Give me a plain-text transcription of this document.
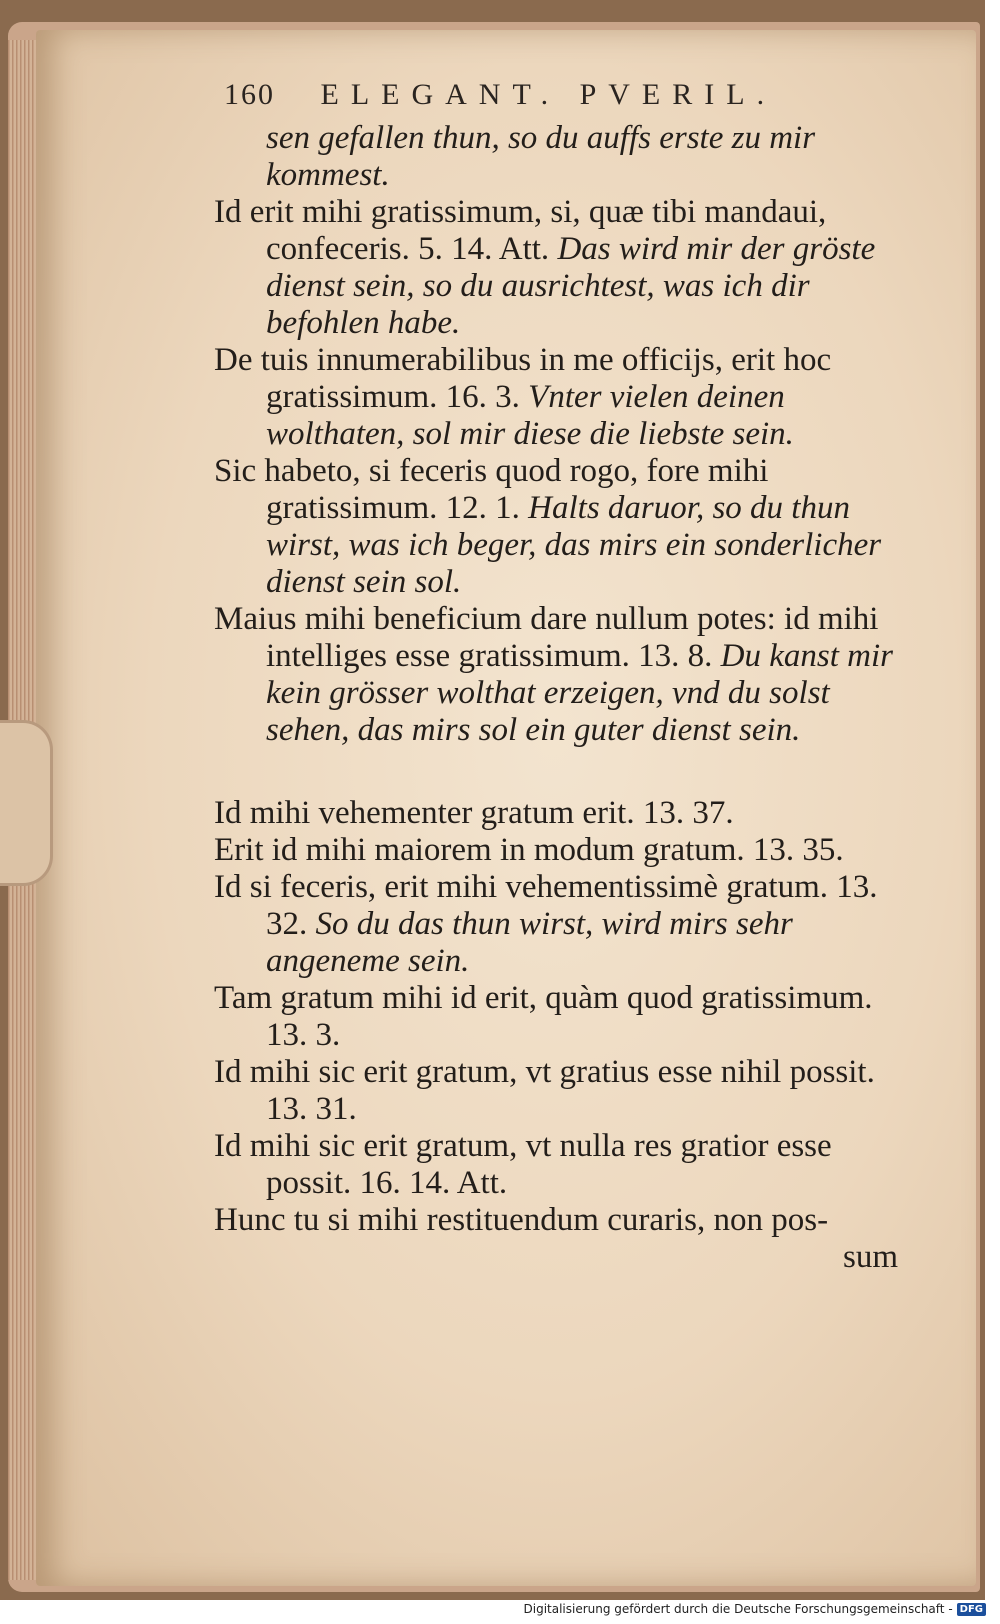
160 ELEGANT. PVERIL.

sen gefallen thun, so du auffs erste zu mir kommest.

Id erit mihi gratissimum, si, quæ tibi mandaui, confeceris. 5. 14. Att. Das wird mir der gröste dienst sein, so du ausrichtest, was ich dir befohlen habe.

De tuis innumerabilibus in me officijs, erit hoc gratissimum. 16. 3. Vnter vielen deinen wolthaten, sol mir diese die liebste sein.

Sic habeto, si feceris quod rogo, fore mihi gratissimum. 12. 1. Halts daruor, so du thun wirst, was ich beger, das mirs ein sonderlicher dienst sein sol.

Maius mihi beneficium dare nullum potes: id mihi intelliges esse gratissimum. 13. 8. Du kanst mir kein grösser wolthat erzeigen, vnd du solst sehen, das mirs sol ein guter dienst sein.

Id mihi vehementer gratum erit. 13. 37.

Erit id mihi maiorem in modum gratum. 13. 35.

Id si feceris, erit mihi vehementissimè gratum. 13. 32. So du das thun wirst, wird mirs sehr angeneme sein.

Tam gratum mihi id erit, quàm quod gratissimum. 13. 3.

Id mihi sic erit gratum, vt gratius esse nihil possit. 13. 31.

Id mihi sic erit gratum, vt nulla res gratior esse possit. 16. 14. Att.

Hunc tu si mihi restituendum curaris, non pos-

sum

Digitalisierung gefördert durch die Deutsche Forschungsgemeinschaft - DFG
